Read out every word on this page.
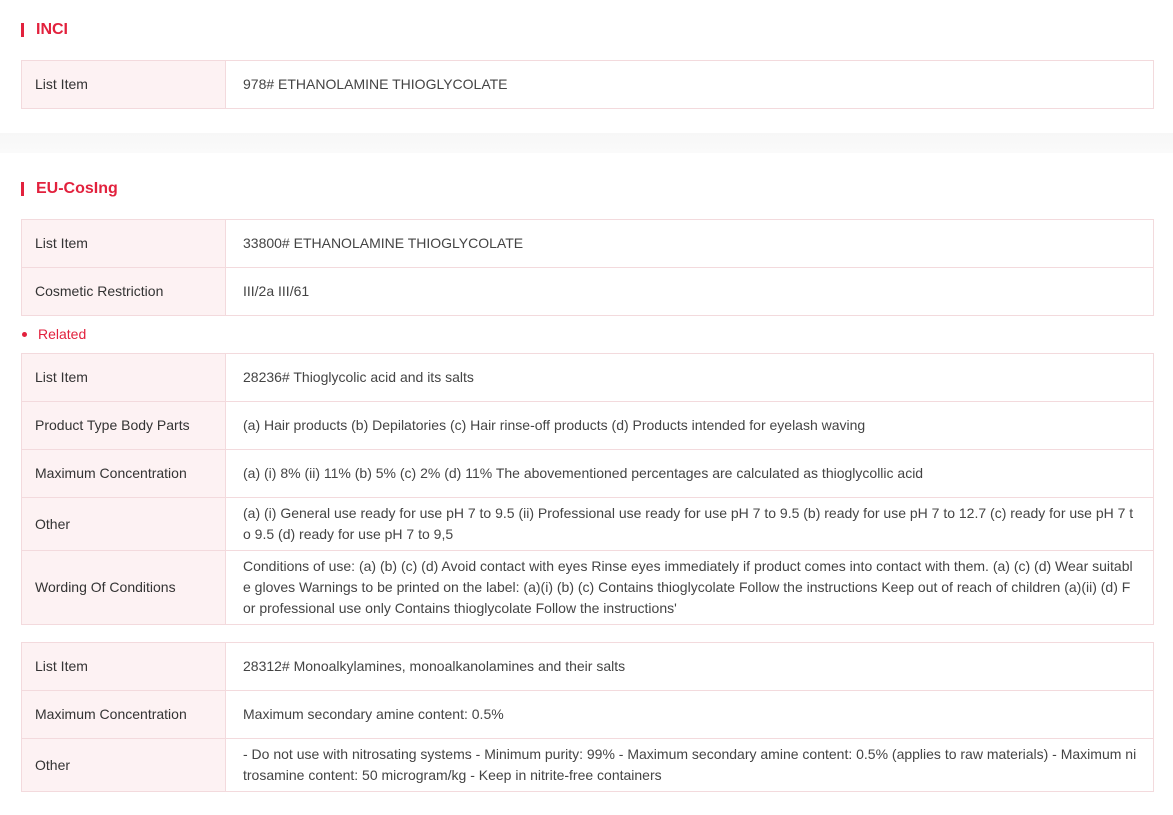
INCI
List Item	978# ETHANOLAMINE THIOGLYCOLATE
EU-CosIng
List Item	33800# ETHANOLAMINE THIOGLYCOLATE
Cosmetic Restriction	III/2a III/61
Related
List Item	28236# Thioglycolic acid and its salts
Product Type Body Parts	(a) Hair products (b) Depilatories (c) Hair rinse-off products (d) Products intended for eyelash waving
Maximum Concentration	(a) (i) 8% (ii) 11% (b) 5% (c) 2% (d) 11% The abovementioned percentages are calculated as thioglycollic acid
Other	(a) (i) General use ready for use pH 7 to 9.5 (ii) Professional use ready for use pH 7 to 9.5 (b) ready for use pH 7 to 12.7 (c) ready for use pH 7 to 9.5 (d) ready for use pH 7 to 9,5
Wording Of Conditions	Conditions of use: (a) (b) (c) (d) Avoid contact with eyes Rinse eyes immediately if product comes into contact with them. (a) (c) (d) Wear suitable gloves Warnings to be printed on the label: (a)(i) (b) (c) Contains thioglycolate Follow the instructions Keep out of reach of children (a)(ii) (d) For professional use only Contains thioglycolate Follow the instructions'
List Item	28312# Monoalkylamines, monoalkanolamines and their salts
Maximum Concentration	Maximum secondary amine content: 0.5%
Other	- Do not use with nitrosating systems - Minimum purity: 99% - Maximum secondary amine content: 0.5% (applies to raw materials) - Maximum nitrosamine content: 50 microgram/kg - Keep in nitrite-free containers
